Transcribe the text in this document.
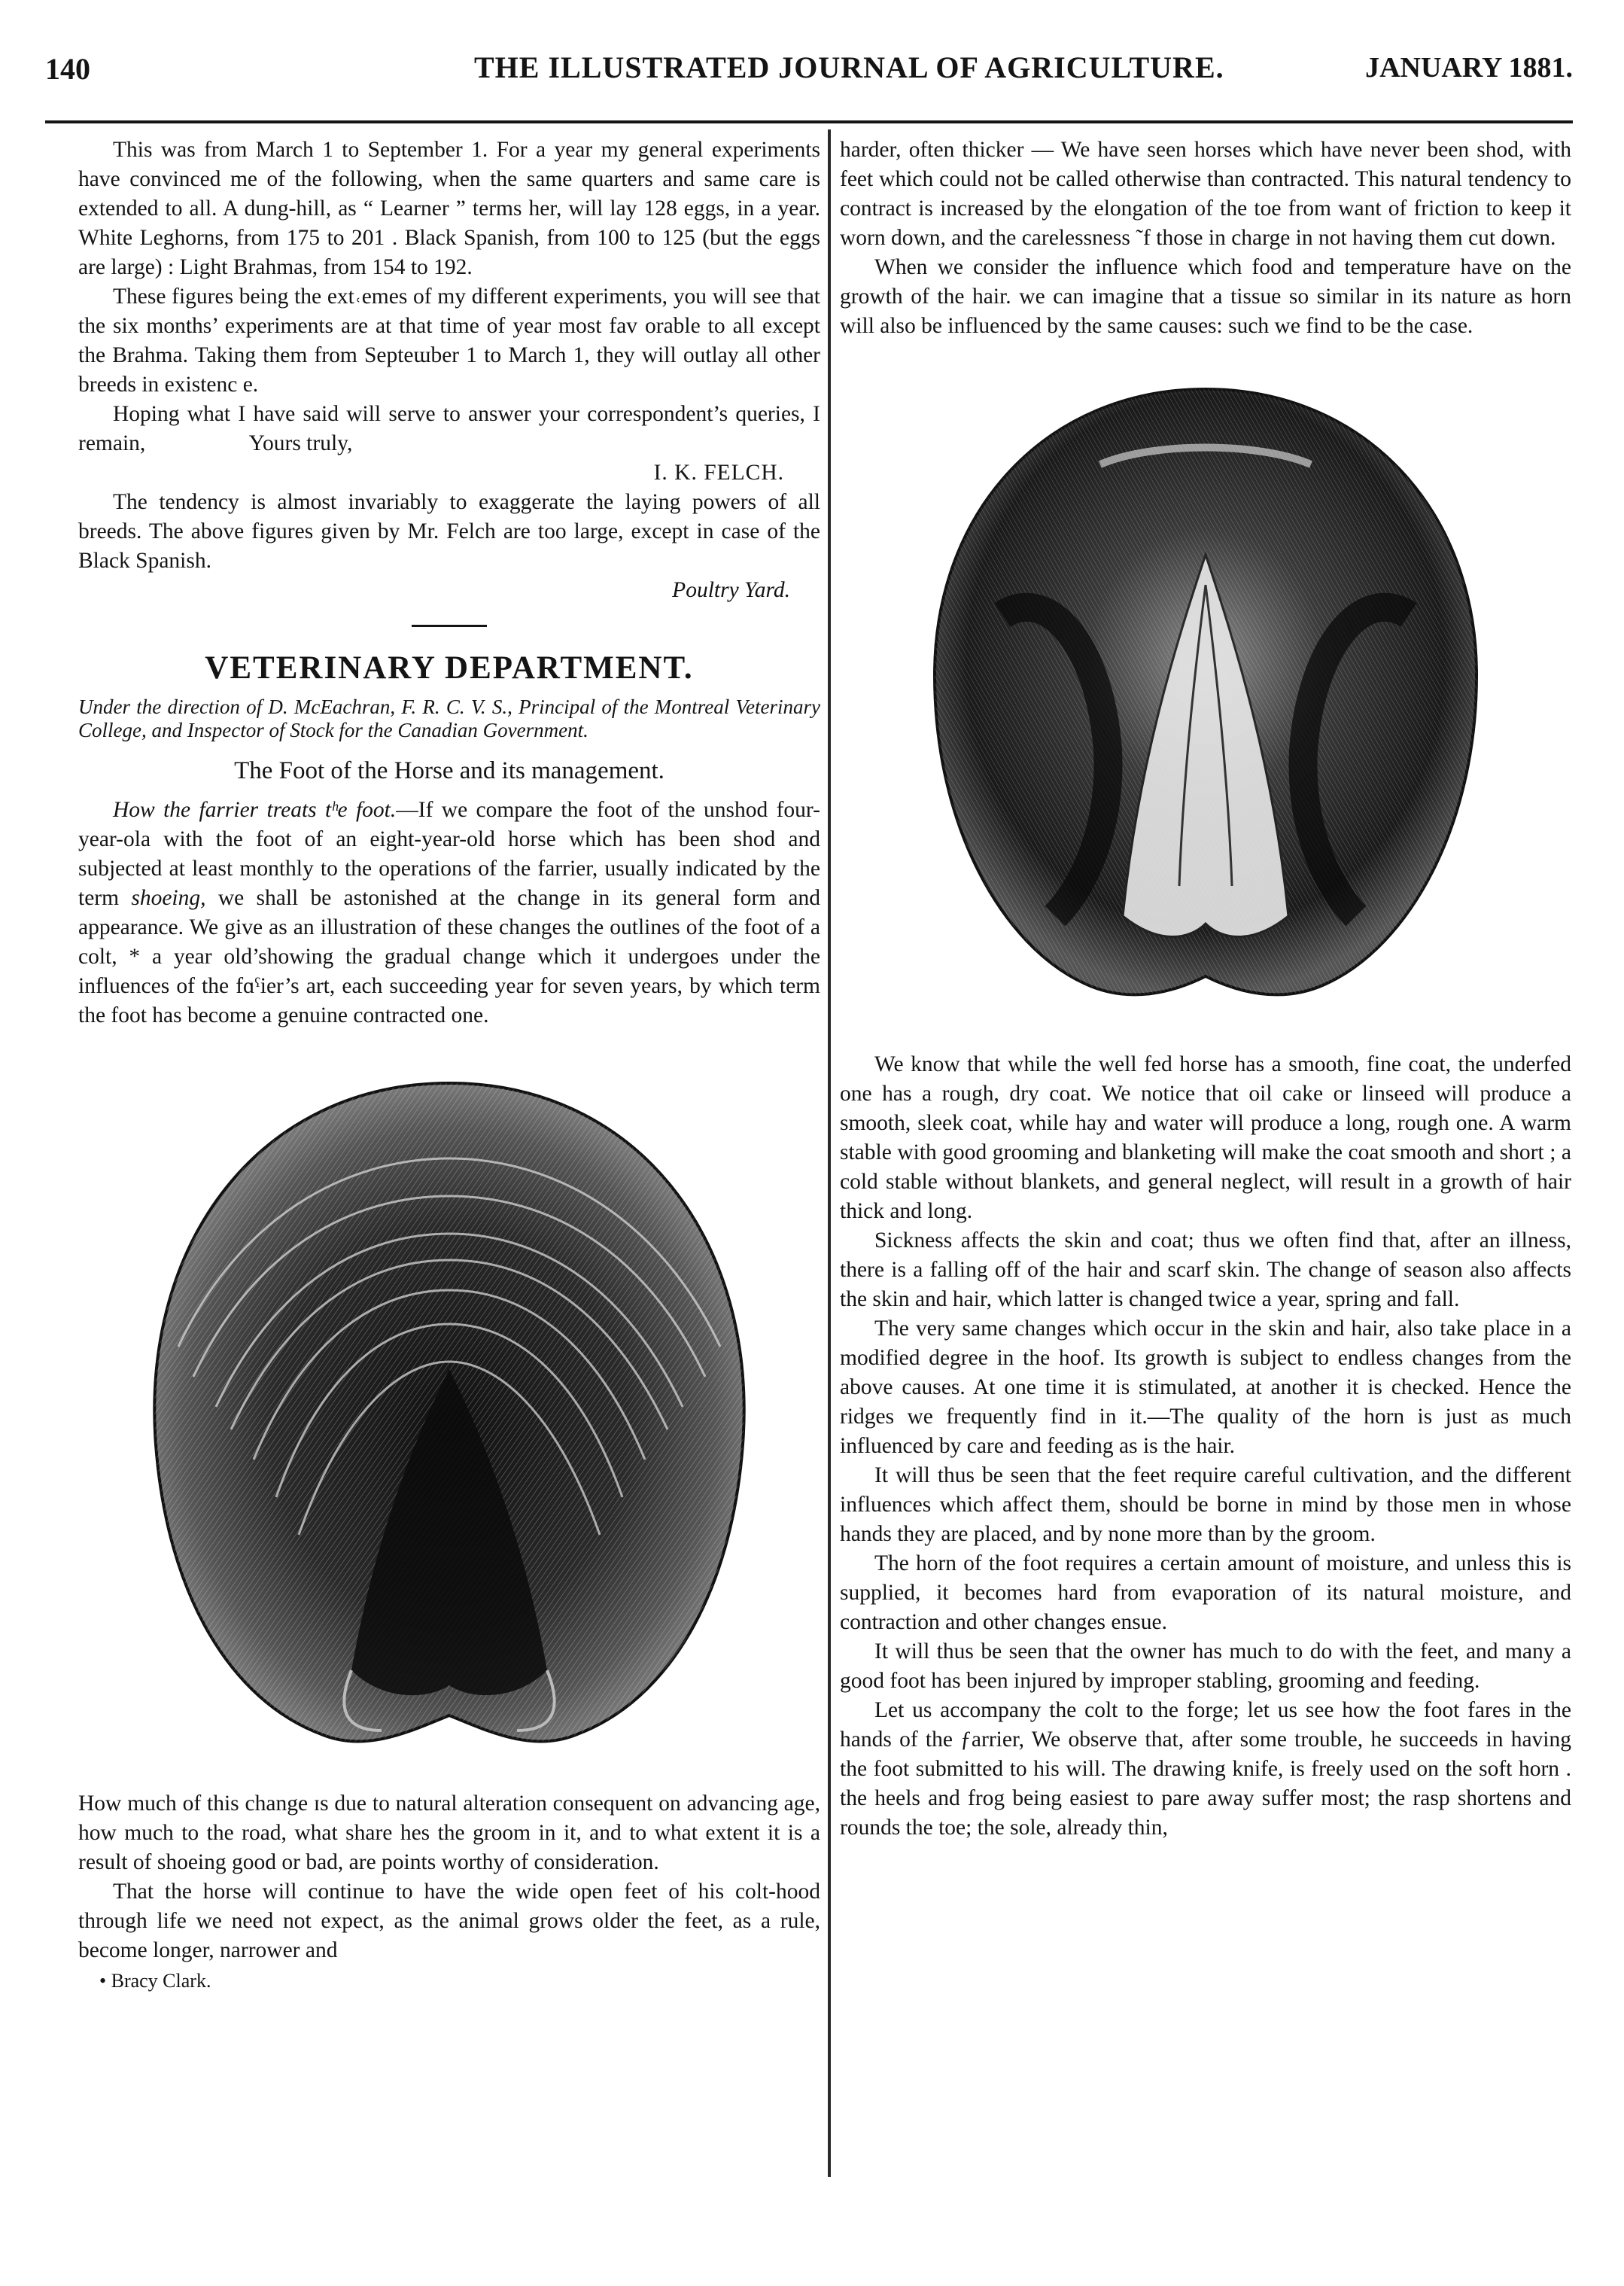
140	THE ILLUSTRATED JOURNAL OF AGRICULTURE.	JANUARY 1881.

This was from March 1 to September 1. For a year my general experiments have convinced me of the following, when the same quarters and same care is extended to all. A dung-hill, as “ Learner ” terms her, will lay 128 eggs, in a year. White Leghorns, from 175 to 201 . Black Spanish, from 100 to 125 (but the eggs are large) : Light Brahmas, from 154 to 192.

These figures being the ext˓emes of my different experiments, you will see that the six months’ experiments are at that time of year most fav orable to all except the Brahma. Taking them from Septeɯber 1 to March 1, they will outlay all other breeds in existenc e.

Hoping what I have said will serve to answer your correspondent’s queries, I remain,	Yours truly,

I. K. FELCH.

The tendency is almost invariably to exaggerate the laying powers of all breeds. The above figures given by Mr. Felch are too large, except in case of the Black Spanish.

Poultry Yard.
VETERINARY DEPARTMENT.
Under the direction of D. McEachran, F. R. C. V. S., Principal of the Montreal Veterinary College, and Inspector of Stock for the Canadian Government.
The Foot of the Horse and its management.

How the farrier treats tʰe foot.—If we compare the foot of the unshod four-year-ola with the foot of an eight-year-old horse which has been shod and subjected at least monthly to the operations of the farrier, usually indicated by the term shoeing, we shall be astonished at the change in its general form and appearance. We give as an illustration of these changes the outlines of the foot of a colt, * a year old’showing the gradual change which it undergoes under the influences of the fɑˤier’s art, each succeeding year for seven years, by which term the foot has become a genuine contracted one.

How much of this change ɪs due to natural alteration consequent on advancing age, how much to the road, what share hes the groom in it, and to what extent it is a result of shoeing good or bad, are points worthy of consideration.

That the horse will continue to have the wide open feet of his colt-hood through life we need not expect, as the animal grows older the feet, as a rule, become longer, narrower and

• Bracy Clark.

harder, often thicker — We have seen horses which have never been shod, with feet which could not be called otherwise than contracted. This natural tendency to contract is increased by the elongation of the toe from want of friction to keep it worn down, and the carelessness ˜f those in charge in not having them cut down.

When we consider the influence which food and temperature have on the growth of the hair. we can imagine that a tissue so similar in its nature as horn will also be influenced by the same causes: such we find to be the case.

We know that while the well fed horse has a smooth, fine coat, the underfed one has a rough, dry coat. We notice that oil cake or linseed will produce a smooth, sleek coat, while hay and water will produce a long, rough one. A warm stable with good grooming and blanketing will make the coat smooth and short ; a cold stable without blankets, and general neglect, will result in a growth of hair thick and long.

Sickness affects the skin and coat; thus we often find that, after an illness, there is a falling off of the hair and scarf skin. The change of season also affects the skin and hair, which latter is changed twice a year, spring and fall.

The very same changes which occur in the skin and hair, also take place in a modified degree in the hoof. Its growth is subject to endless changes from the above causes. At one time it is stimulated, at another it is checked. Hence the ridges we frequently find in it.—The quality of the horn is just as much influenced by care and feeding as is the hair.

It will thus be seen that the feet require careful cultivation, and the different influences which affect them, should be borne in mind by those men in whose hands they are placed, and by none more than by the groom.

The horn of the foot requires a certain amount of moisture, and unless this is supplied, it becomes hard from evaporation of its natural moisture, and contraction and other changes ensue.

It will thus be seen that the owner has much to do with the feet, and many a good foot has been injured by improper stabling, grooming and feeding.

Let us accompany the colt to the forge; let us see how the foot fares in the hands of the ƒarrier, We observe that, after some trouble, he succeeds in having the foot submitted to his will. The drawing knife, is freely used on the soft horn . the heels and frog being easiest to pare away suffer most; the rasp shortens and rounds the toe; the sole, already thin,
